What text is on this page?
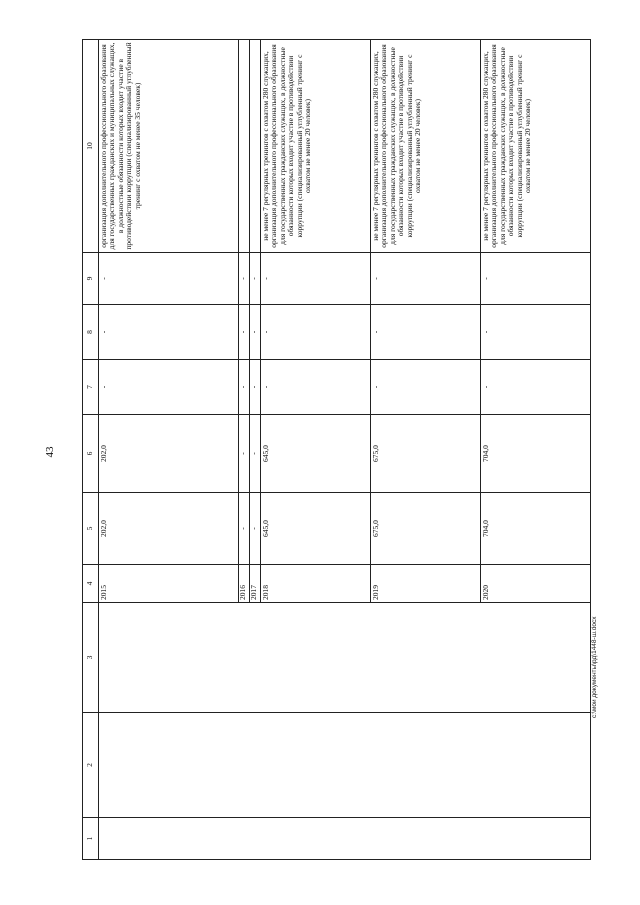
43
1	2	3	4	5	6	7	8	9	10
			2015	202,0	202,0	-	-	-	организация дополнительного профессионального образования для государственных гражданских и муниципальных служащих, в должностные обязанности которых входит участие в противодействии коррупции (специализированный углубленный тренинг с охватом не менее 35 человек)
			2016	-	-	-	-	-	
			2017	-	-	-	-	-	
			2018	645,0	645,0	-	-	-	не менее 7 регулярных тренингов с охватом 280 служащих, организация дополнительного профессионального образования для государственных гражданских служащих, в должностные обязанности которых входит участие в противодействии коррупции (специализированный углубленный тренинг с охватом не менее 20 человек)
			2019	675,0	675,0	-	-	-	не менее 7 регулярных тренингов с охватом 280 служащих, организация дополнительного профессионального образования для государственных гражданских служащих, в должностные обязанности которых входит участие в противодействии коррупции (специализированный углубленный тренинг с охватом не менее 20 человек)
			2020	704,0	704,0	-	-	-	не менее 7 регулярных тренингов с охватом 280 служащих, организация дополнительного профессионального образования для государственных гражданских служащих, в должностные обязанности которых входит участие в противодействии коррупции (специализированный углубленный тренинг с охватом не менее 20 человек)
c:\мои документы\рд\1448-ш.docx
